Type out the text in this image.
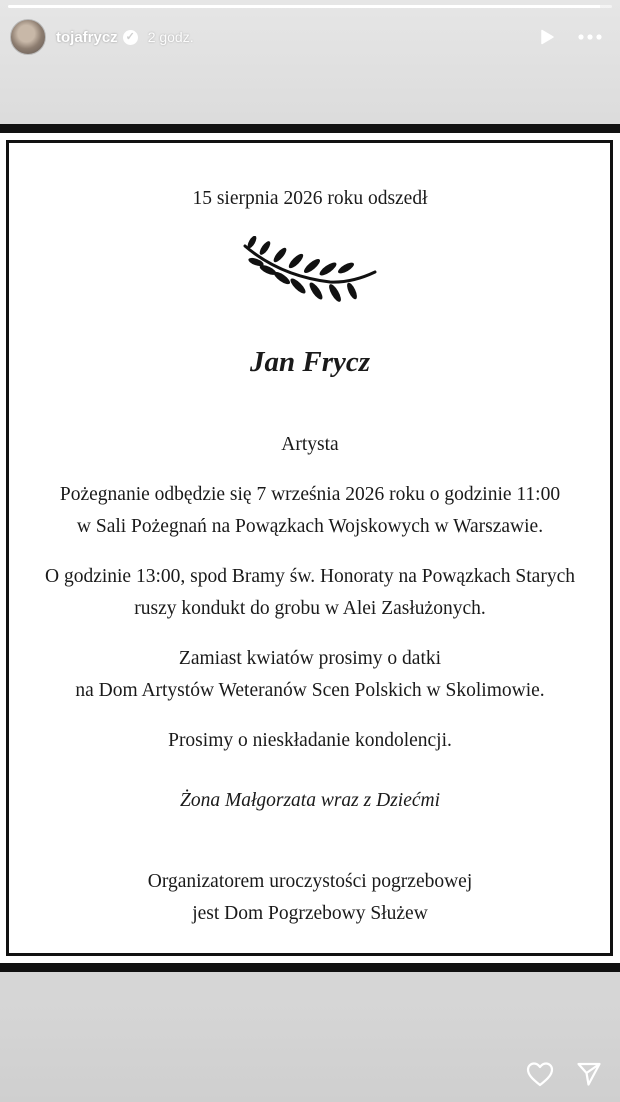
tojafrycz ✓ 2 godz.
15 sierpnia 2026 roku odszedł
Jan Frycz
Artysta
Pożegnanie odbędzie się 7 września 2026 roku o godzinie 11:00
w Sali Pożegnań na Powązkach Wojskowych w Warszawie.
O godzinie 13:00, spod Bramy św. Honoraty na Powązkach Starych
ruszy kondukt do grobu w Alei Zasłużonych.
Zamiast kwiatów prosimy o datki
na Dom Artystów Weteranów Scen Polskich w Skolimowie.
Prosimy o nieskładanie kondolencji.
Żona Małgorzata wraz z Dziećmi
Organizatorem uroczystości pogrzebowej
jest Dom Pogrzebowy Służew
